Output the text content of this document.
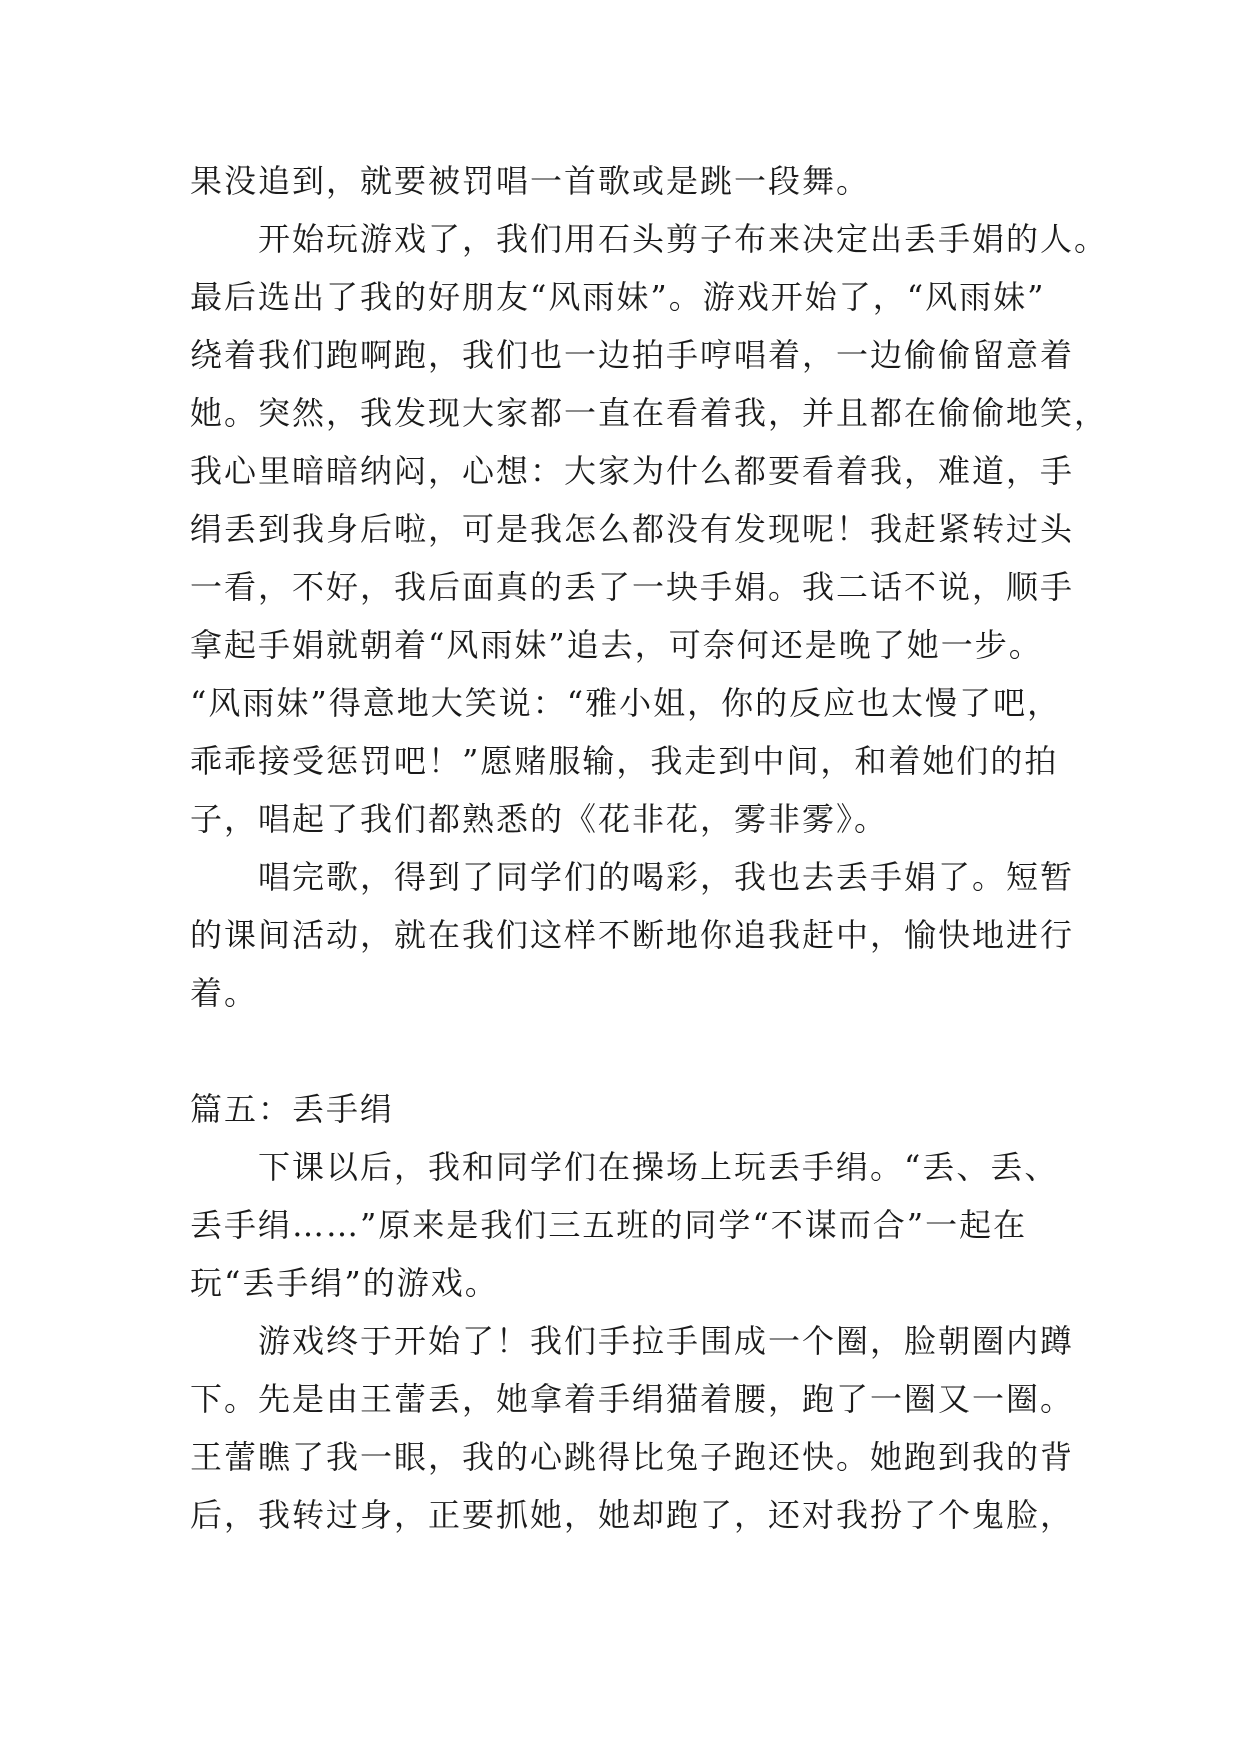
果没追到，就要被罚唱一首歌或是跳一段舞。
开始玩游戏了，我们用石头剪子布来决定出丢手娟的人。
最后选出了我的好朋友“风雨妹”。游戏开始了，“风雨妹”
绕着我们跑啊跑，我们也一边拍手哼唱着，一边偷偷留意着
她。突然，我发现大家都一直在看着我，并且都在偷偷地笑，
我心里暗暗纳闷，心想：大家为什么都要看着我，难道，手
绢丢到我身后啦，可是我怎么都没有发现呢！我赶紧转过头
一看，不好，我后面真的丢了一块手娟。我二话不说，顺手
拿起手娟就朝着“风雨妹”追去，可奈何还是晚了她一步。
“风雨妹”得意地大笑说：“雅小姐，你的反应也太慢了吧，
乖乖接受惩罚吧！”愿赌服输，我走到中间，和着她们的拍
子，唱起了我们都熟悉的《花非花，雾非雾》。
唱完歌，得到了同学们的喝彩，我也去丢手娟了。短暂
的课间活动，就在我们这样不断地你追我赶中，愉快地进行
着。
篇五：丢手绢
下课以后，我和同学们在操场上玩丢手绢。“丢、丢、
丢手绢……”原来是我们三五班的同学“不谋而合”一起在
玩“丢手绢”的游戏。
游戏终于开始了！我们手拉手围成一个圈，脸朝圈内蹲
下。先是由王蕾丢，她拿着手绢猫着腰，跑了一圈又一圈。
王蕾瞧了我一眼，我的心跳得比兔子跑还快。她跑到我的背
后，我转过身，正要抓她，她却跑了，还对我扮了个鬼脸，
